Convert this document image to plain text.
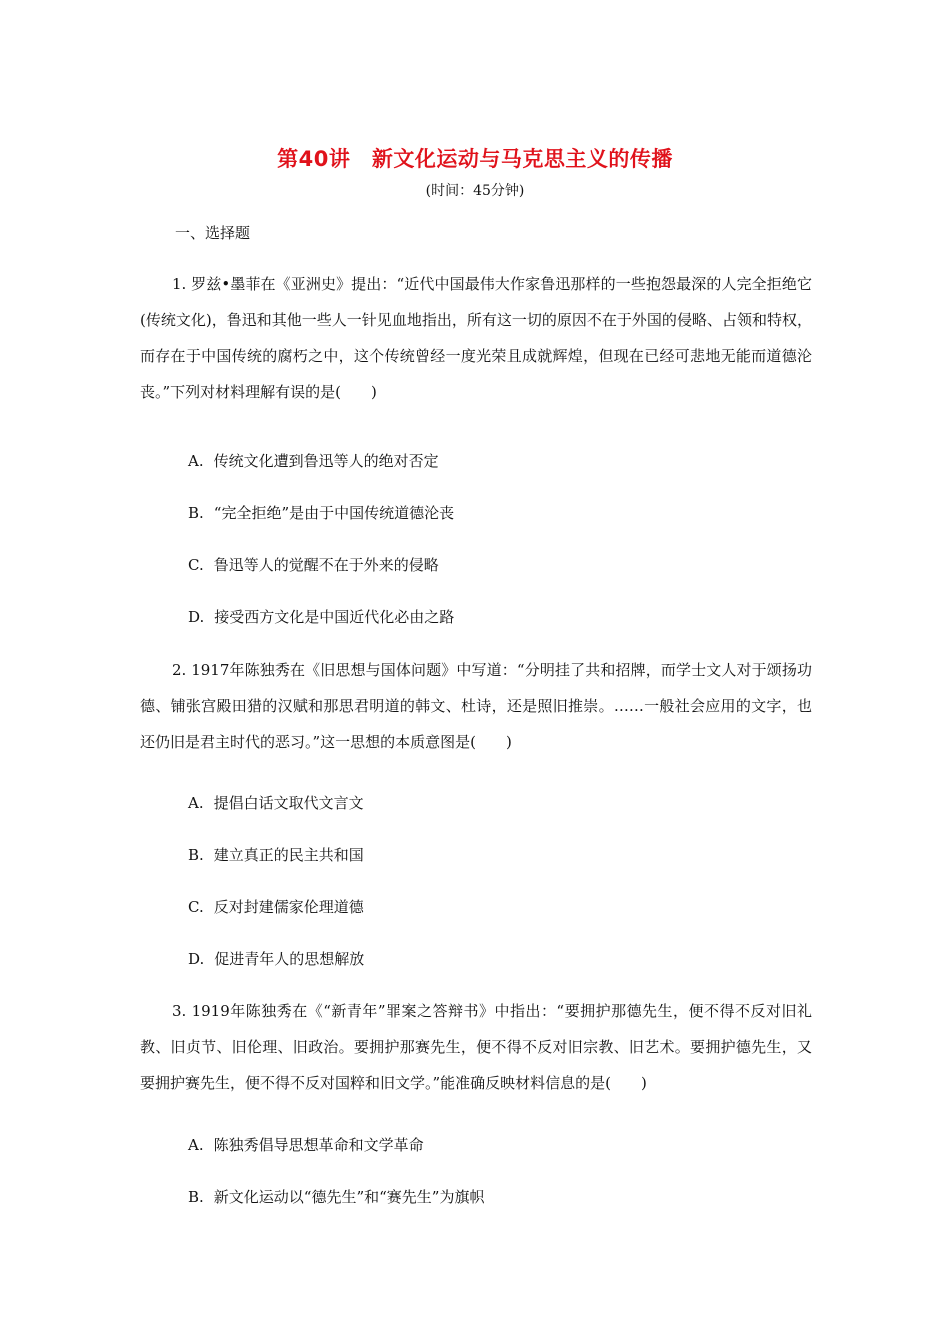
第40讲　新文化运动与马克思主义的传播
(时间：45分钟)
一、选择题

1. 罗兹•墨菲在《亚洲史》提出：“近代中国最伟大作家鲁迅那样的一些抱怨最深的人完全拒绝它(传统文化)，鲁迅和其他一些人一针见血地指出，所有这一切的原因不在于外国的侵略、占领和特权，而存在于中国传统的腐朽之中，这个传统曾经一度光荣且成就辉煌，但现在已经可悲地无能而道德沦丧。”下列对材料理解有误的是(　　)

A. 传统文化遭到鲁迅等人的绝对否定
B. “完全拒绝”是由于中国传统道德沦丧
C. 鲁迅等人的觉醒不在于外来的侵略
D. 接受西方文化是中国近代化必由之路

2. 1917年陈独秀在《旧思想与国体问题》中写道：“分明挂了共和招牌，而学士文人对于颂扬功德、铺张宫殿田猎的汉赋和那思君明道的韩文、杜诗，还是照旧推崇。……一般社会应用的文字，也还仍旧是君主时代的恶习。”这一思想的本质意图是(　　)

A. 提倡白话文取代文言文
B. 建立真正的民主共和国
C. 反对封建儒家伦理道德
D. 促进青年人的思想解放

3. 1919年陈独秀在《“新青年”罪案之答辩书》中指出：“要拥护那德先生，便不得不反对旧礼教、旧贞节、旧伦理、旧政治。要拥护那赛先生，便不得不反对旧宗教、旧艺术。要拥护德先生，又要拥护赛先生，便不得不反对国粹和旧文学。”能准确反映材料信息的是(　　)

A. 陈独秀倡导思想革命和文学革命
B. 新文化运动以“德先生”和“赛先生”为旗帜
